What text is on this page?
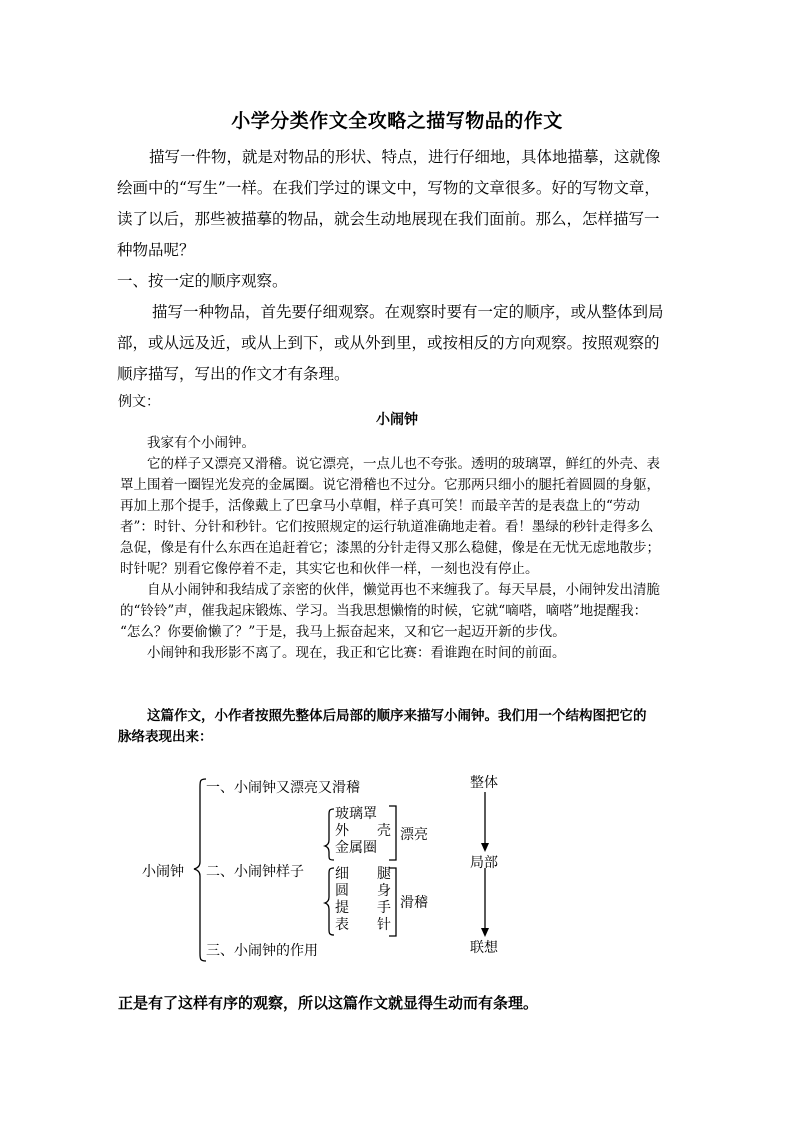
小学分类作文全攻略之描写物品的作文
描写一件物，就是对物品的形状、特点，进行仔细地，具体地描摹，这就像
绘画中的“写生”一样。在我们学过的课文中，写物的文章很多。好的写物文章，
读了以后，那些被描摹的物品，就会生动地展现在我们面前。那么，怎样描写一
种物品呢？
一、按一定的顺序观察。
描写一种物品，首先要仔细观察。在观察时要有一定的顺序，或从整体到局
部，或从远及近，或从上到下，或从外到里，或按相反的方向观察。按照观察的
顺序描写，写出的作文才有条理。
例文：
小闹钟
我家有个小闹钟。
它的样子又漂亮又滑稽。说它漂亮，一点儿也不夸张。透明的玻璃罩，鲜红的外壳、表
罩上围着一圈锃光发亮的金属圈。说它滑稽也不过分。它那两只细小的腿托着圆圆的身躯，
再加上那个提手，活像戴上了巴拿马小草帽，样子真可笑！而最辛苦的是表盘上的“劳动
者”：时针、分针和秒针。它们按照规定的运行轨道准确地走着。看！墨绿的秒针走得多么
急促，像是有什么东西在追赶着它；漆黑的分针走得又那么稳健，像是在无忧无虑地散步；
时针呢？别看它像停着不走，其实它也和伙伴一样，一刻也没有停止。
自从小闹钟和我结成了亲密的伙伴，懒觉再也不来缠我了。每天早晨，小闹钟发出清脆
的“铃铃”声，催我起床锻炼、学习。当我思想懒惰的时候，它就“嘀嗒，嘀嗒”地提醒我：
“怎么？你要偷懒了？”于是，我马上振奋起来，又和它一起迈开新的步伐。
小闹钟和我形影不离了。现在，我正和它比赛：看谁跑在时间的前面。
这篇作文，小作者按照先整体后局部的顺序来描写小闹钟。我们用一个结构图把它的
脉络表现出来：
小闹钟
一、小闹钟又漂亮又滑稽
二、小闹钟样子
三、小闹钟的作用
玻璃罩
外　　壳
金属圈
漂亮
细　　腿
圆　　身
提　　手
表　　针
滑稽
整体
局部
联想
正是有了这样有序的观察，所以这篇作文就显得生动而有条理。
